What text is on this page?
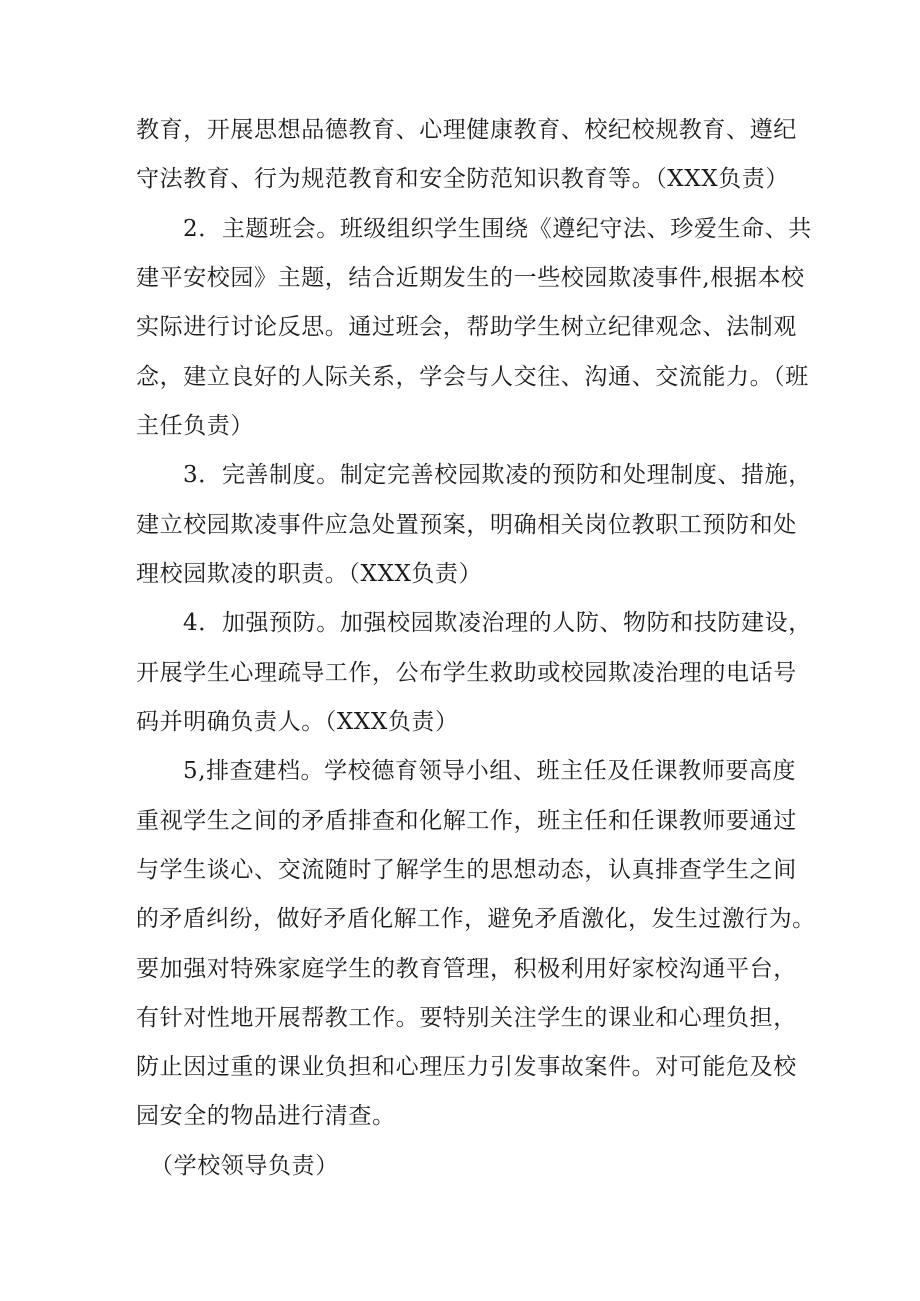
教育，开展思想品德教育、心理健康教育、校纪校规教育、遵纪
守法教育、行为规范教育和安全防范知识教育等。（XXX负责）
2．主题班会。班级组织学生围绕《遵纪守法、珍爱生命、共
建平安校园》主题，结合近期发生的一些校园欺凌事件,根据本校
实际进行讨论反思。通过班会，帮助学生树立纪律观念、法制观
念，建立良好的人际关系，学会与人交往、沟通、交流能力。（班
主任负责）
3．完善制度。制定完善校园欺凌的预防和处理制度、措施，
建立校园欺凌事件应急处置预案，明确相关岗位教职工预防和处
理校园欺凌的职责。（XXX负责）
4．加强预防。加强校园欺凌治理的人防、物防和技防建设，
开展学生心理疏导工作，公布学生救助或校园欺凌治理的电话号
码并明确负责人。（XXX负责）
5,排查建档。学校德育领导小组、班主任及任课教师要高度
重视学生之间的矛盾排查和化解工作，班主任和任课教师要通过
与学生谈心、交流随时了解学生的思想动态，认真排查学生之间
的矛盾纠纷，做好矛盾化解工作，避免矛盾激化，发生过激行为。
要加强对特殊家庭学生的教育管理，积极利用好家校沟通平台，
有针对性地开展帮教工作。要特别关注学生的课业和心理负担，
防止因过重的课业负担和心理压力引发事故案件。对可能危及校
园安全的物品进行清查。
（学校领导负责）
